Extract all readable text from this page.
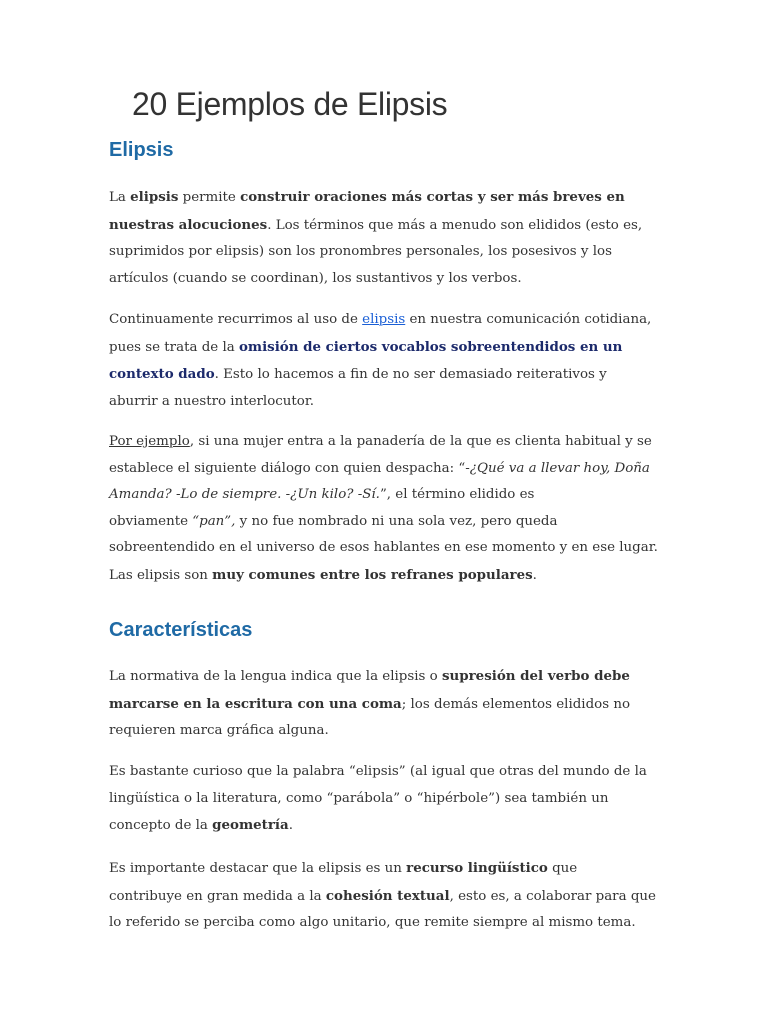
20 Ejemplos de Elipsis
Elipsis

La elipsis permite construir oraciones más cortas y ser más breves en
nuestras alocuciones. Los términos que más a menudo son elididos (esto es,
suprimidos por elipsis) son los pronombres personales, los posesivos y los
artículos (cuando se coordinan), los sustantivos y los verbos.

Continuamente recurrimos al uso de elipsis en nuestra comunicación cotidiana,
pues se trata de la omisión de ciertos vocablos sobreentendidos en un
contexto dado. Esto lo hacemos a fin de no ser demasiado reiterativos y
aburrir a nuestro interlocutor.

Por ejemplo, si una mujer entra a la panadería de la que es clienta habitual y se
establece el siguiente diálogo con quien despacha: “-¿Qué va a llevar hoy, Doña
Amanda? -Lo de siempre. -¿Un kilo? -Sí.”, el término elidido es
obviamente “pan”, y no fue nombrado ni una sola vez, pero queda
sobreentendido en el universo de esos hablantes en ese momento y en ese lugar.
Las elipsis son muy comunes entre los refranes populares.

Características

La normativa de la lengua indica que la elipsis o supresión del verbo debe
marcarse en la escritura con una coma; los demás elementos elididos no
requieren marca gráfica alguna.

Es bastante curioso que la palabra “elipsis” (al igual que otras del mundo de la
lingüística o la literatura, como “parábola” o “hipérbole”) sea también un
concepto de la geometría.

Es importante destacar que la elipsis es un recurso lingüístico que
contribuye en gran medida a la cohesión textual, esto es, a colaborar para que
lo referido se perciba como algo unitario, que remite siempre al mismo tema.
